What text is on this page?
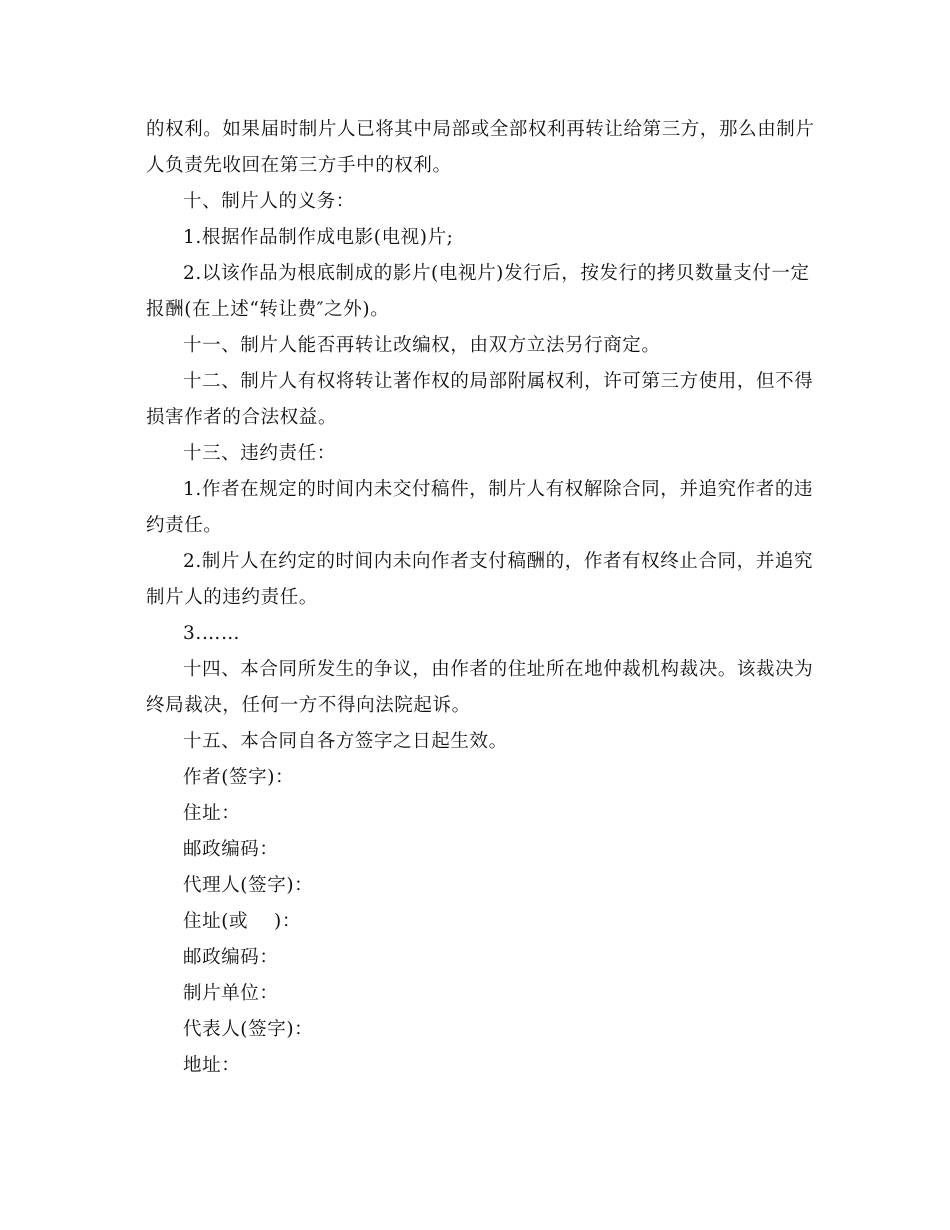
的权利。如果届时制片人已将其中局部或全部权利再转让给第三方，那么由制片

人负责先收回在第三方手中的权利。

十、制片人的义务：

1.根据作品制作成电影(电视)片;

2.以该作品为根底制成的影片(电视片)发行后，按发行的拷贝数量支付一定

报酬(在上述“转让费″之外)。

十一、制片人能否再转让改编权，由双方立法另行商定。

十二、制片人有权将转让著作权的局部附属权利，许可第三方使用，但不得

损害作者的合法权益。

十三、违约责任：

1.作者在规定的时间内未交付稿件，制片人有权解除合同，并追究作者的违

约责任。

2.制片人在约定的时间内未向作者支付稿酬的，作者有权终止合同，并追究

制片人的违约责任。

3.……

十四、本合同所发生的争议，由作者的住址所在地仲裁机构裁决。该裁决为

终局裁决，任何一方不得向法院起诉。

十五、本合同自各方签字之日起生效。

作者(签字)：

住址：

邮政编码：

代理人(签字)：

住址(或    )：

邮政编码：

制片单位：

代表人(签字)：

地址：
